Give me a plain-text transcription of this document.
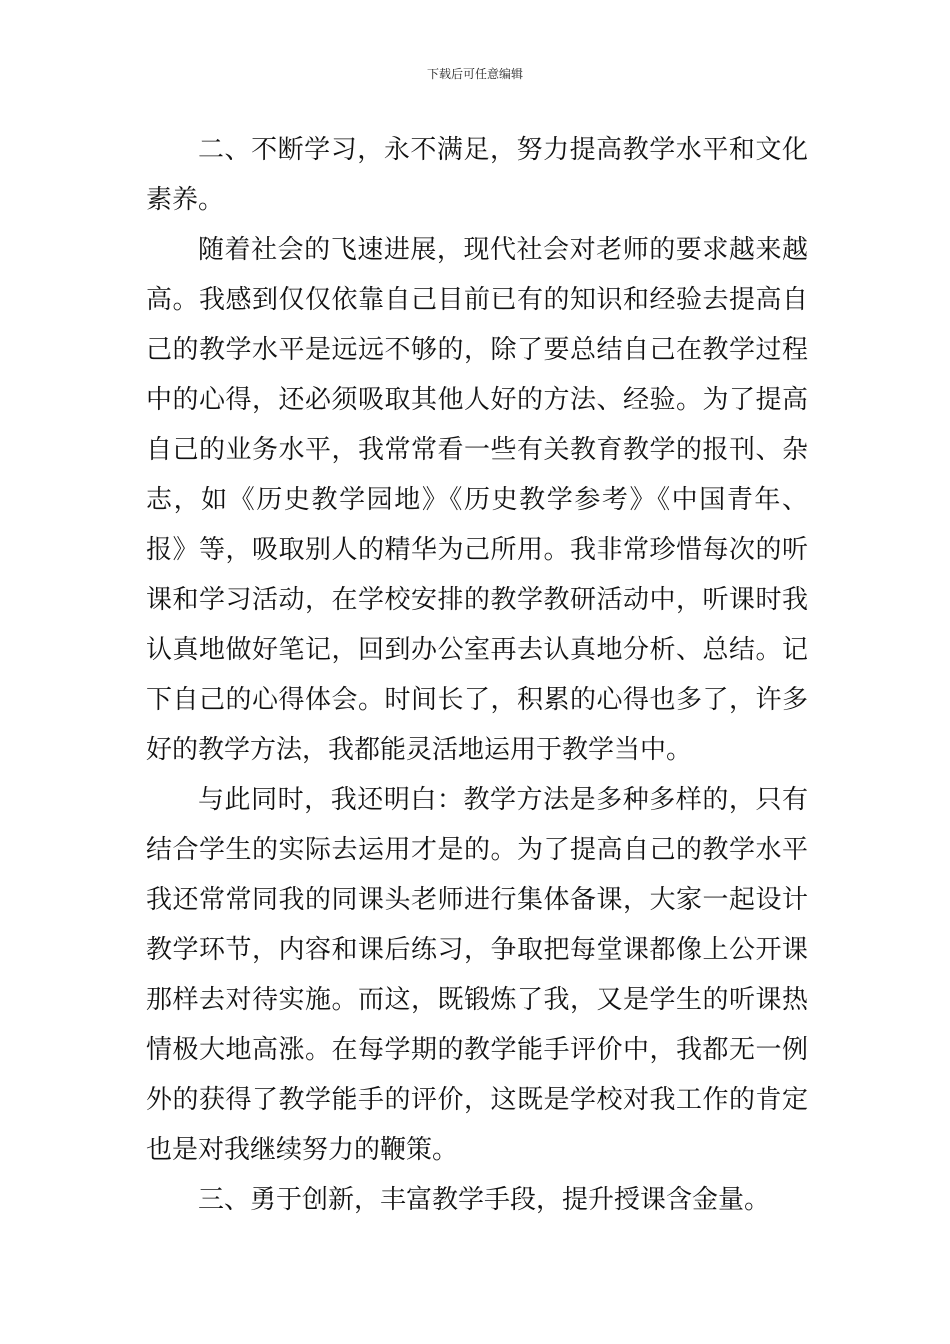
下载后可任意编辑
二、不断学习，永不满足，努力提高教学水平和文化
素养。
随着社会的飞速进展，现代社会对老师的要求越来越
高。我感到仅仅依靠自己目前已有的知识和经验去提高自
己的教学水平是远远不够的，除了要总结自己在教学过程
中的心得，还必须吸取其他人好的方法、经验。为了提高
自己的业务水平，我常常看一些有关教育教学的报刊、杂
志，如《历史教学园地》《历史教学参考》《中国青年、
报》等，吸取别人的精华为己所用。我非常珍惜每次的听
课和学习活动，在学校安排的教学教研活动中，听课时我
认真地做好笔记，回到办公室再去认真地分析、总结。记
下自己的心得体会。时间长了，积累的心得也多了，许多
好的教学方法，我都能灵活地运用于教学当中。
与此同时，我还明白：教学方法是多种多样的，只有
结合学生的实际去运用才是的。为了提高自己的教学水平
我还常常同我的同课头老师进行集体备课，大家一起设计
教学环节，内容和课后练习，争取把每堂课都像上公开课
那样去对待实施。而这，既锻炼了我，又是学生的听课热
情极大地高涨。在每学期的教学能手评价中，我都无一例
外的获得了教学能手的评价，这既是学校对我工作的肯定
也是对我继续努力的鞭策。
三、勇于创新，丰富教学手段，提升授课含金量。
